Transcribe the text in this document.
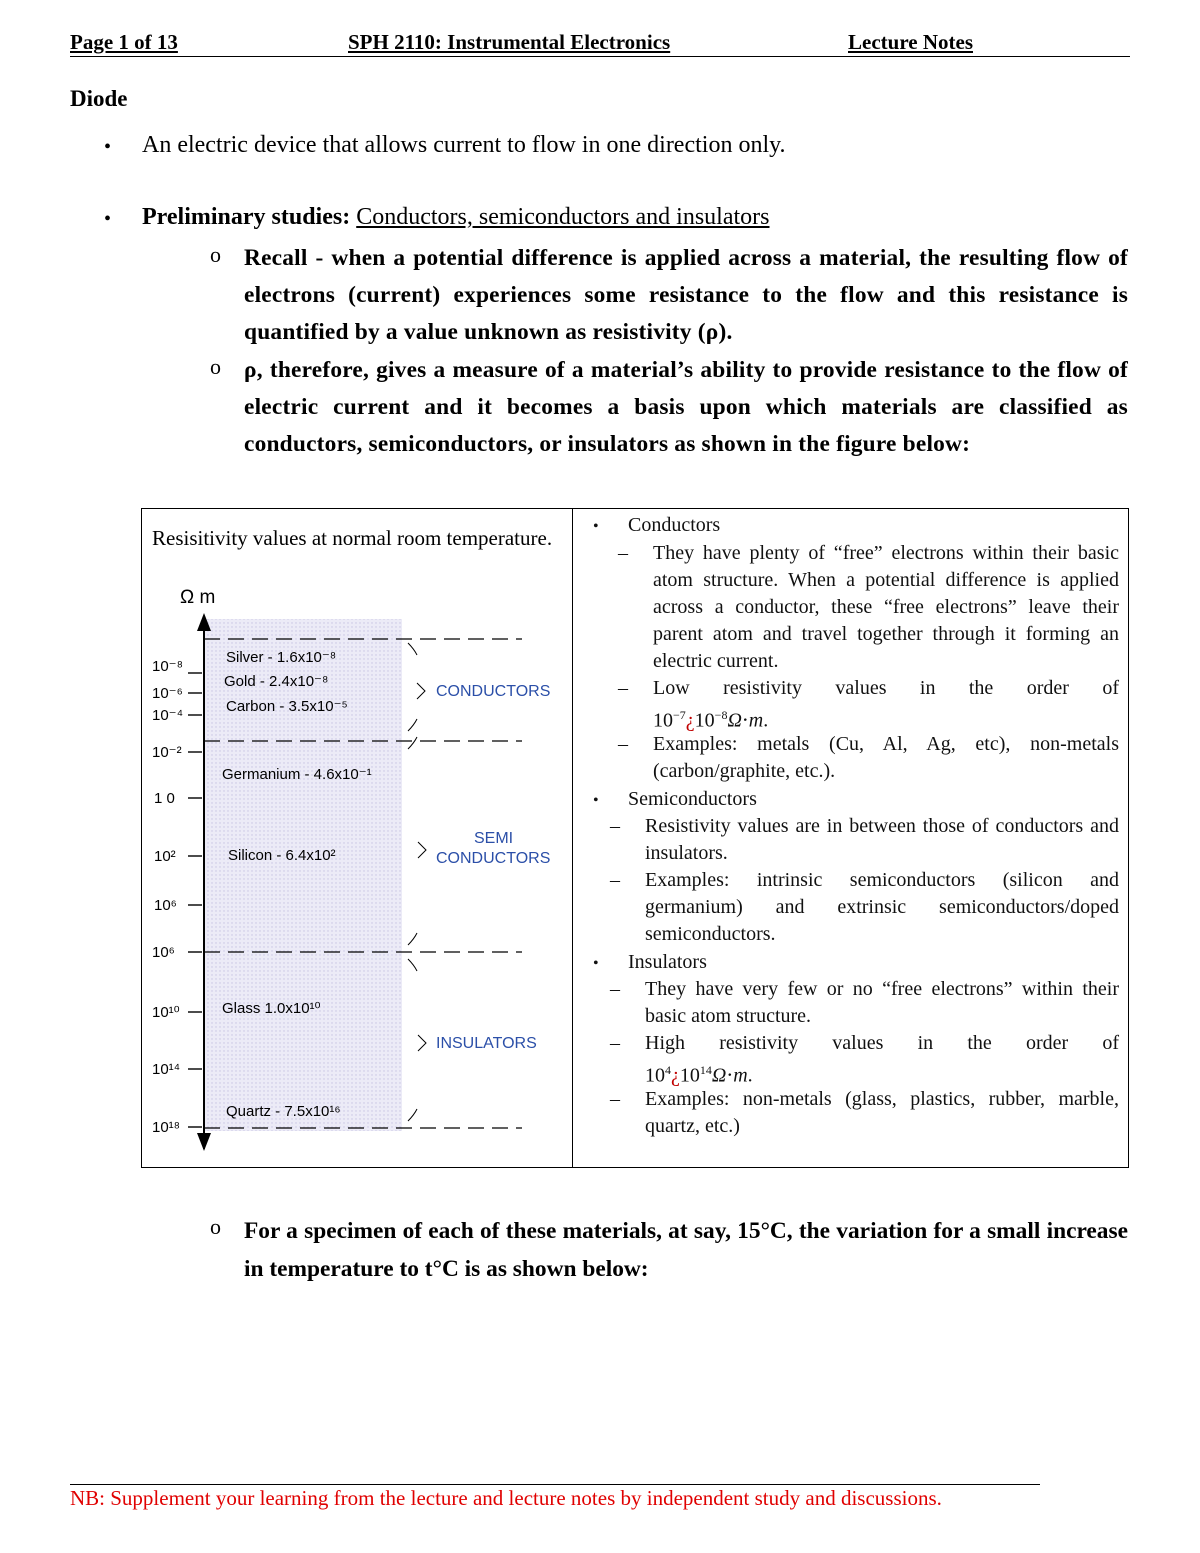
Page 1 of 13	SPH 2110: Instrumental Electronics	Lecture Notes
Diode
• An electric device that allows current to flow in one direction only.
• Preliminary studies: Conductors, semiconductors and insulators
o Recall - when a potential difference is applied across a material, the resulting flow of electrons (current) experiences some resistance to the flow and this resistance is quantified by a value unknown as resistivity (ρ).
o ρ, therefore, gives a measure of a material’s ability to provide resistance to the flow of electric current and it becomes a basis upon which materials are classified as conductors, semiconductors, or insulators as shown in the figure below:
Resisitivity values at normal room temperature.
Ω m
10⁻⁸
10⁻⁶
10⁻⁴
10⁻²
1 0
10²
10⁶
10⁶
10¹⁰
10¹⁴
10¹⁸
Silver - 1.6x10⁻⁸
Gold - 2.4x10⁻⁸
Carbon - 3.5x10⁻⁵
Germanium - 4.6x10⁻¹
Silicon - 6.4x10²
Glass 1.0x10¹⁰
Quartz - 7.5x10¹⁶
CONDUCTORS
SEMI
CONDUCTORS
INSULATORS
• Conductors
– They have plenty of “free” electrons within their basic atom structure. When a potential difference is applied across a conductor, these “free electrons” leave their parent atom and travel together through it forming an electric current.
– Low resistivity values in the order of
$10^{-7}¿10^{-8}\Omega\cdot m$.
– Examples: metals (Cu, Al, Ag, etc), non-metals (carbon/graphite, etc.).
• Semiconductors
– Resistivity values are in between those of conductors and insulators.
– Examples: intrinsic semiconductors (silicon and germanium) and extrinsic semiconductors/doped semiconductors.
• Insulators
– They have very few or no “free electrons” within their basic atom structure.
– High resistivity values in the order of
$10^4¿10^{14}\Omega\cdot m$.
– Examples: non-metals (glass, plastics, rubber, marble, quartz, etc.)
o For a specimen of each of these materials, at say, 15°C, the variation for a small increase in temperature to t°C is as shown below:
NB: Supplement your learning from the lecture and lecture notes by independent study and discussions.
